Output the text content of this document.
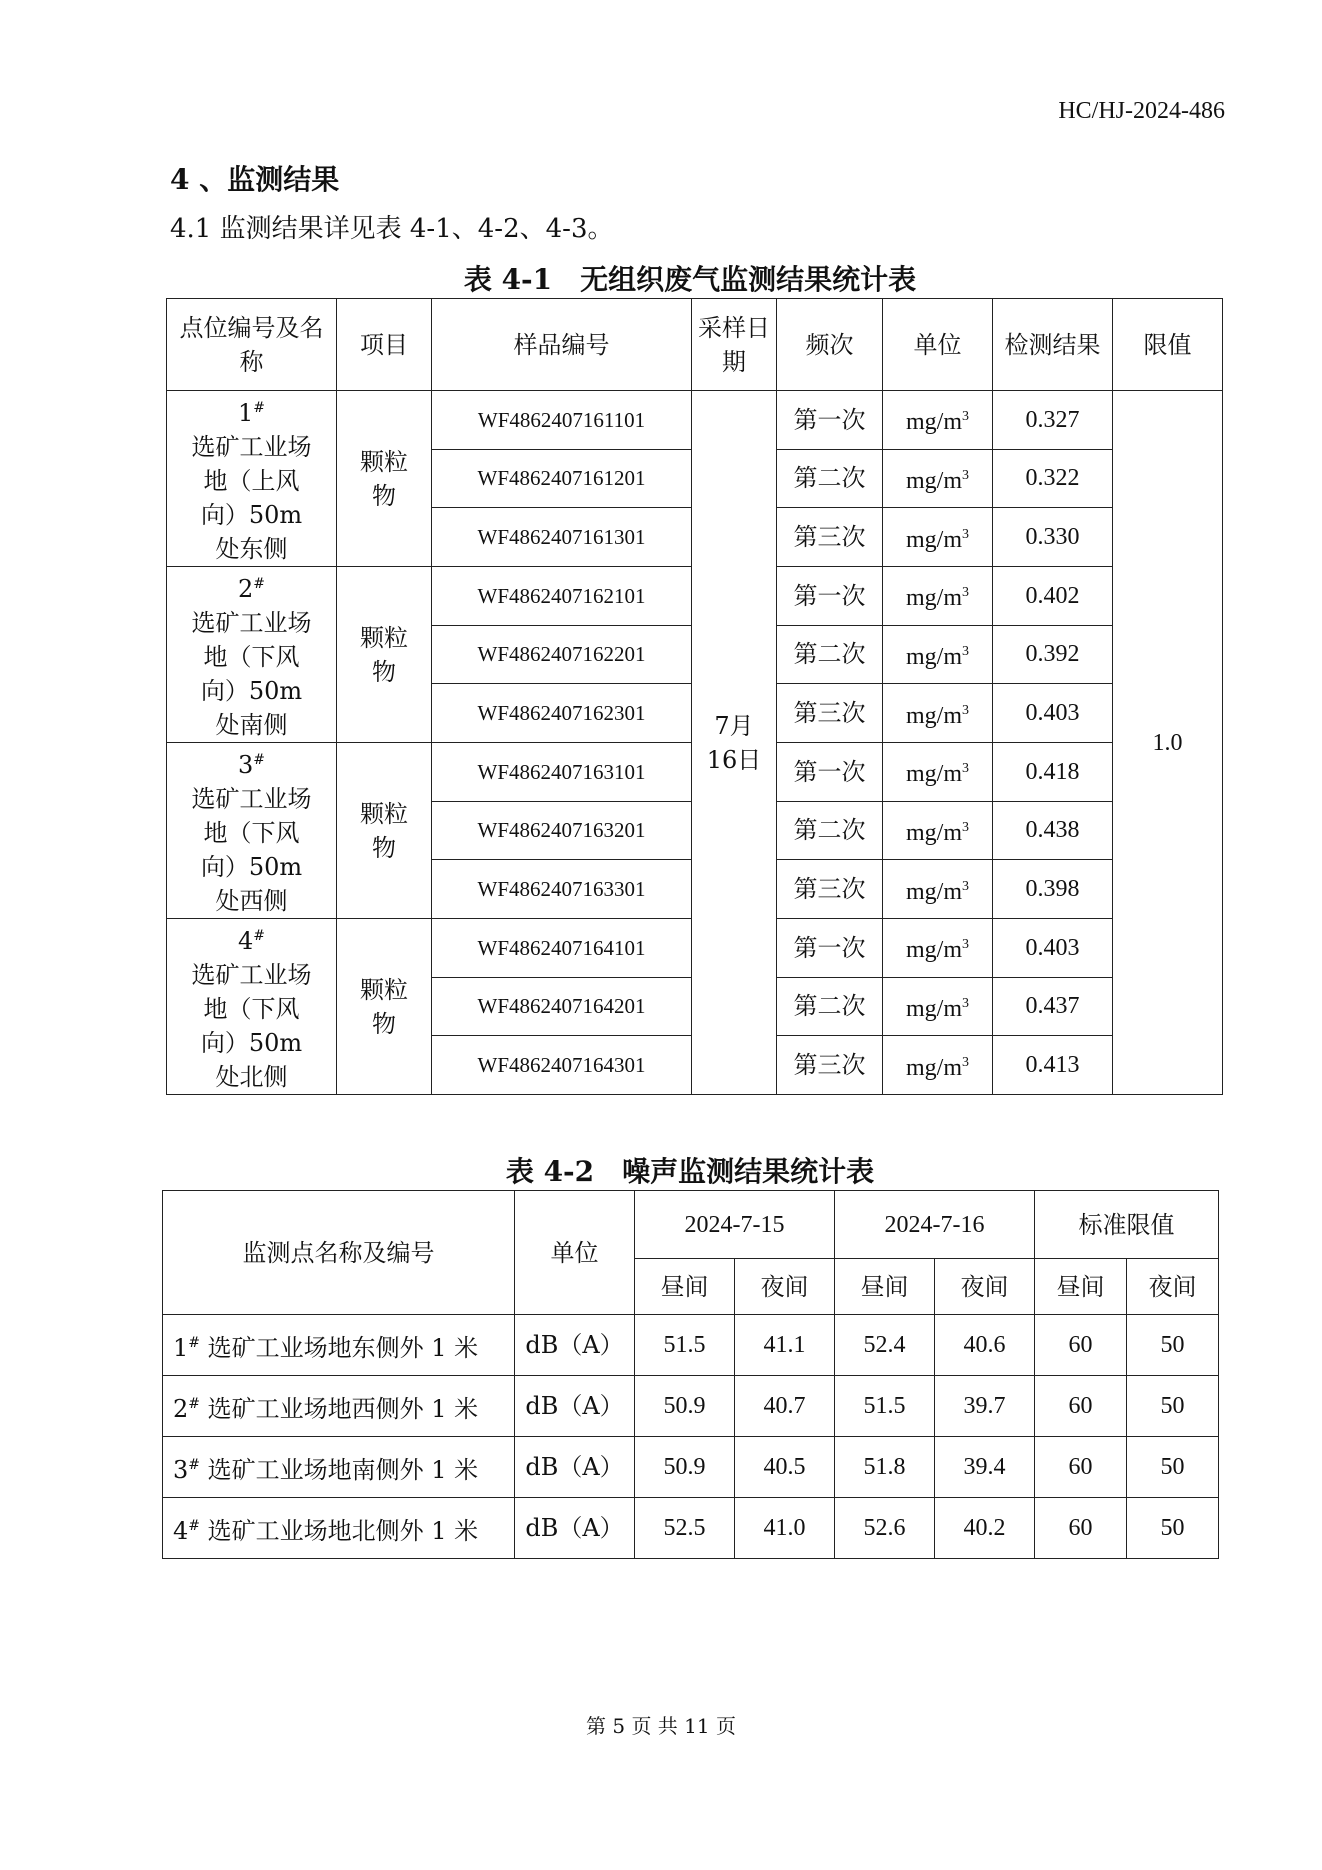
HC/HJ-2024-486
4 、监测结果
4.1 监测结果详见表 4-1、4-2、4-3。
表 4-1　无组织废气监测结果统计表
点位编号及名称	项目	样品编号	采样日期	频次	单位	检测结果	限值
1#
选矿工业场地（上风向）50m 处东侧	颗粒物	WF4862407161101	7月16日	第一次	$mg/m^3$	0.327	1.0
		WF4862407161201		第二次	$mg/m^3$	0.322	
		WF4862407161301		第三次	$mg/m^3$	0.330	
2#
选矿工业场地（下风向）50m 处南侧	颗粒物	WF4862407162101		第一次	$mg/m^3$	0.402	
		WF4862407162201		第二次	$mg/m^3$	0.392	
		WF4862407162301		第三次	$mg/m^3$	0.403	
3#
选矿工业场地（下风向）50m 处西侧	颗粒物	WF4862407163101		第一次	$mg/m^3$	0.418	
		WF4862407163201		第二次	$mg/m^3$	0.438	
		WF4862407163301		第三次	$mg/m^3$	0.398	
4#
选矿工业场地（下风向）50m 处北侧	颗粒物	WF4862407164101		第一次	$mg/m^3$	0.403	
		WF4862407164201		第二次	$mg/m^3$	0.437	
		WF4862407164301		第三次	$mg/m^3$	0.413	
表 4-2　噪声监测结果统计表
监测点名称及编号	单位	2024-7-15		2024-7-16		标准限值	
		昼间	夜间	昼间	夜间	昼间	夜间
1# 选矿工业场地东侧外 1 米	dB（A）	51.5	41.1	52.4	40.6	60	50
2# 选矿工业场地西侧外 1 米	dB（A）	50.9	40.7	51.5	39.7	60	50
3# 选矿工业场地南侧外 1 米	dB（A）	50.9	40.5	51.8	39.4	60	50
4# 选矿工业场地北侧外 1 米	dB（A）	52.5	41.0	52.6	40.2	60	50
第 5 页 共 11 页
